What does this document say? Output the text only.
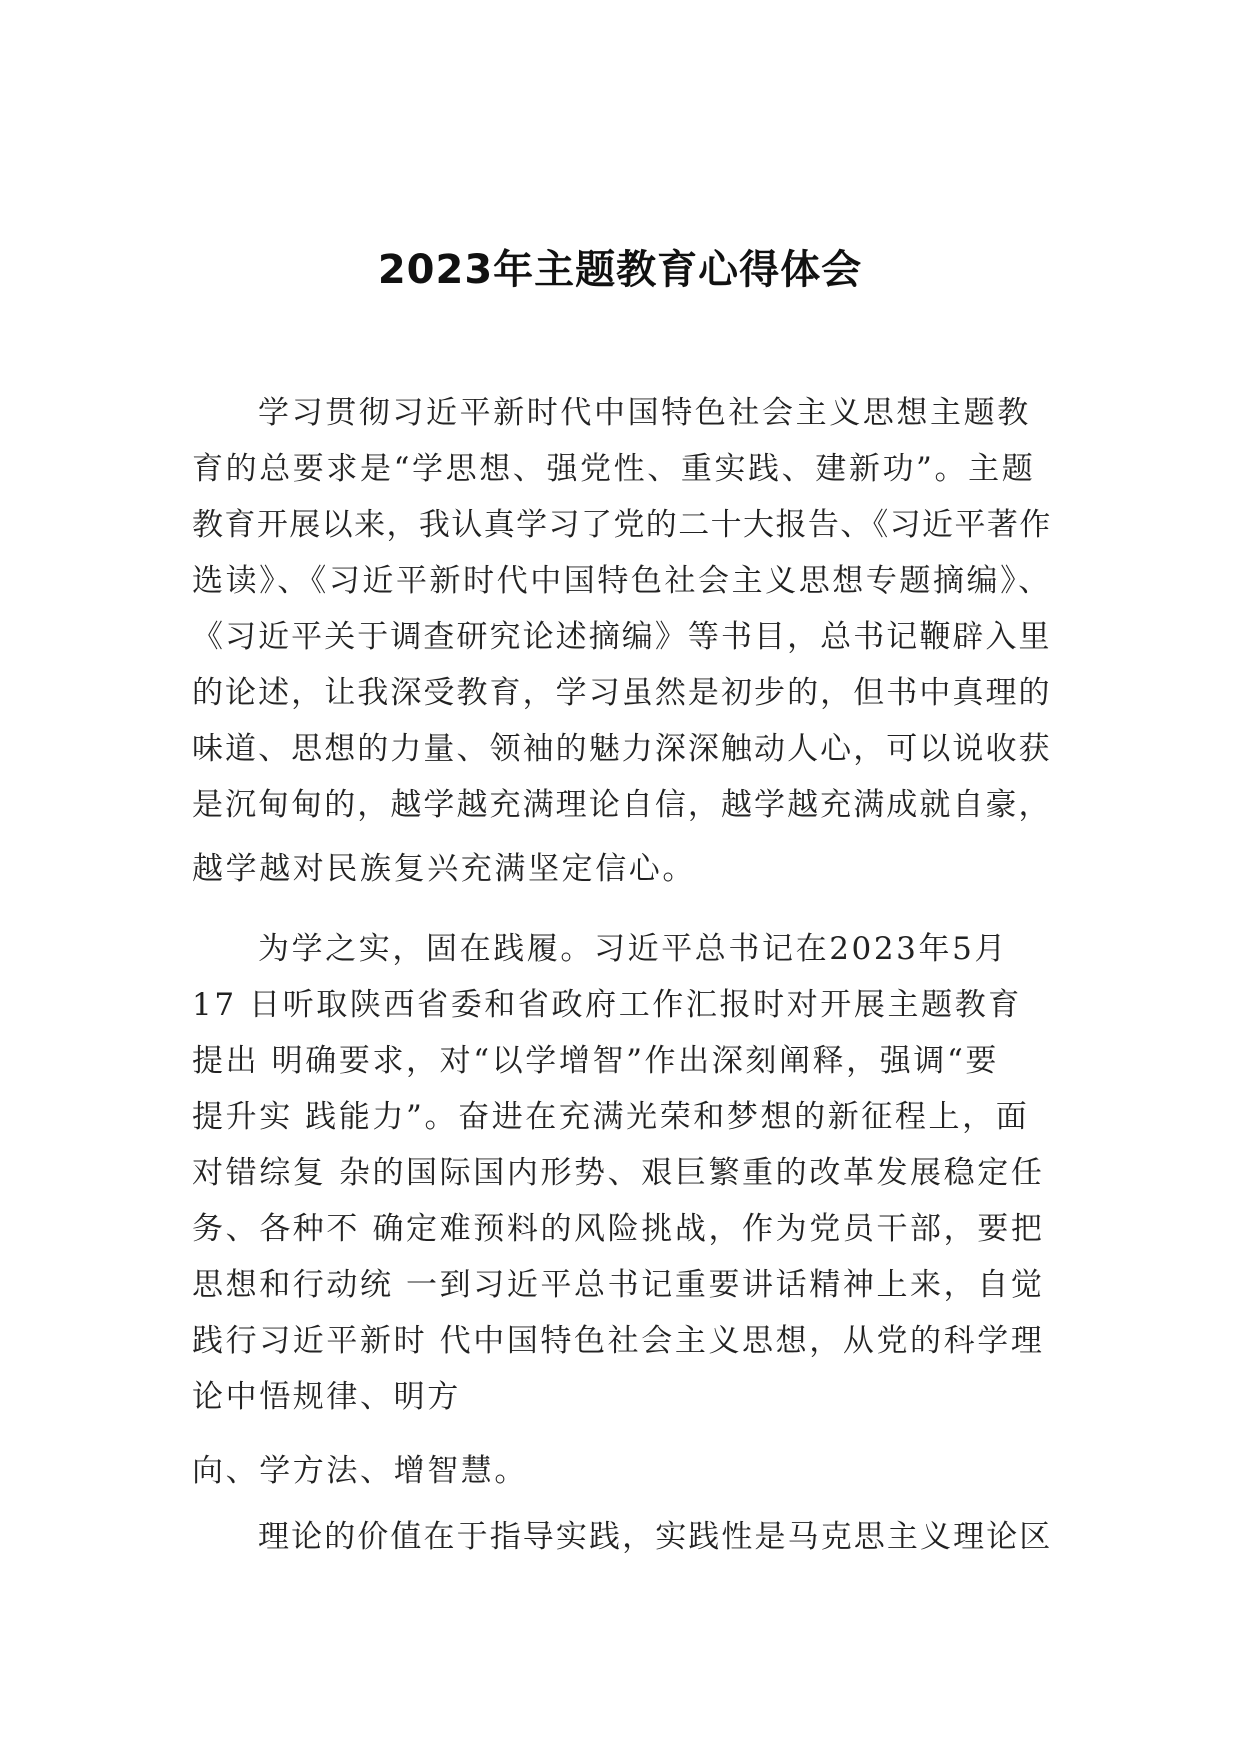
2023年主题教育心得体会
学习贯彻习近平新时代中国特色社会主义思想主题教
育的总要求是“学思想、强党性、重实践、建新功”。主题
教育开展以来，我认真学习了党的二十大报告、《习近平著作
选读》、《习近平新时代中国特色社会主义思想专题摘编》、
《习近平关于调查研究论述摘编》等书目，总书记鞭辟入里
的论述，让我深受教育，学习虽然是初步的，但书中真理的
味道、思想的力量、领袖的魅力深深触动人心，可以说收获
是沉甸甸的，越学越充满理论自信，越学越充满成就自豪，
越学越对民族复兴充满坚定信心。
为学之实，固在践履。习近平总书记在2023年5月
17 日听取陕西省委和省政府工作汇报时对开展主题教育
提出 明确要求，对“以学增智”作出深刻阐释，强调“要
提升实 践能力”。奋进在充满光荣和梦想的新征程上，面
对错综复 杂的国际国内形势、艰巨繁重的改革发展稳定任
务、各种不 确定难预料的风险挑战，作为党员干部，要把
思想和行动统 一到习近平总书记重要讲话精神上来，自觉
践行习近平新时 代中国特色社会主义思想，从党的科学理
论中悟规律、明方
向、学方法、增智慧。
理论的价值在于指导实践，实践性是马克思主义理论区
